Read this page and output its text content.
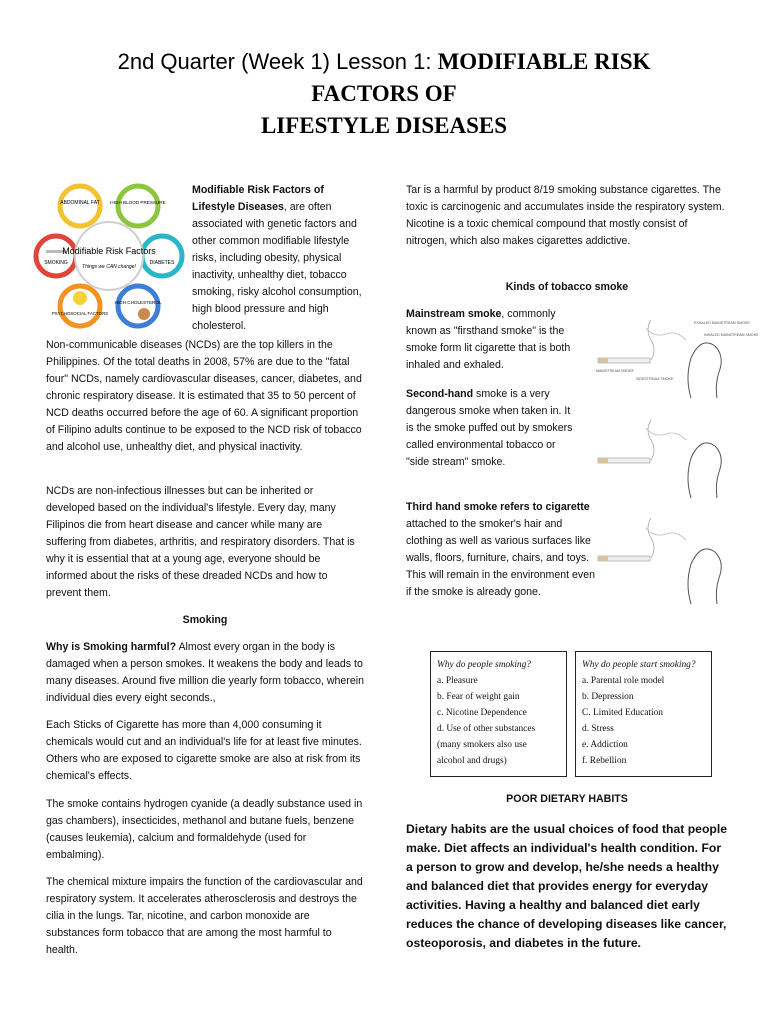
2nd Quarter (Week 1) Lesson 1: MODIFIABLE RISK
FACTORS OF
LIFESTYLE DISEASES
ABDOMINAL FAT HIGH BLOOD PRESSURE
DIABETES
HIGH CHOLESTEROL
PSYCHOSOCIAL FACTORS
SMOKING
Modifiable Risk Factors
Things we CAN change!

Modifiable Risk Factors of Lifestyle Diseases, are often associated with genetic factors and other common modifiable lifestyle risks, including obesity, physical inactivity, unhealthy diet, tobacco smoking, risky alcohol consumption, high blood pressure and high cholesterol.

Non-communicable diseases (NCDs) are the top killers in the Philippines. Of the total deaths in 2008, 57% are due to the "fatal four" NCDs, namely cardiovascular diseases, cancer, diabetes, and chronic respiratory disease. It is estimated that 35 to 50 percent of NCD deaths occurred before the age of 60. A significant proportion of Filipino adults continue to be exposed to the NCD risk of tobacco and alcohol use, unhealthy diet, and physical inactivity.

NCDs are non-infectious illnesses but can be inherited or developed based on the individual's lifestyle. Every day, many Filipinos die from heart disease and cancer while many are suffering from diabetes, arthritis, and respiratory disorders. That is why it is essential that at a young age, everyone should be informed about the risks of these dreaded NCDs and how to prevent them.

Smoking

Why is Smoking harmful? Almost every organ in the body is damaged when a person smokes. It weakens the body and leads to many diseases. Around five million die yearly form tobacco, wherein individual dies every eight seconds.,

Each Sticks of Cigarette has more than 4,000 consuming it chemicals would cut and an individual's life for at least five minutes. Others who are exposed to cigarette smoke are also at risk from its chemical's effects.

The smoke contains hydrogen cyanide (a deadly substance used in gas chambers), insecticides, methanol and butane fuels, benzene (causes leukemia), calcium and formaldehyde (used for embalming).

The chemical mixture impairs the function of the cardiovascular and respiratory system. It accelerates atherosclerosis and destroys the cilia in the lungs. Tar, nicotine, and carbon monoxide are substances form tobacco that are among the most harmful to health.

Tar is a harmful by product 8/19 smoking substance cigarettes. The toxic is carcinogenic and accumulates inside the respiratory system. Nicotine is a toxic chemical compound that mostly consist of nitrogen, which also makes cigarettes addictive.

Kinds of tobacco smoke

Mainstream smoke, commonly known as "firsthand smoke" is the smoke form lit cigarette that is both inhaled and exhaled.

Second-hand smoke is a very dangerous smoke when taken in. It is the smoke puffed out by smokers called environmental tobacco or "side stream" smoke.

Third hand smoke refers to cigarette attached to the smoker's hair and clothing as well as various surfaces like walls, floors, furniture, chairs, and toys. This will remain in the environment even if the smoke is already gone.

EXHALED MAINSTREAM SMOKE
INHALED MAINSTREAM SMOKE
MAINSTREAM SMOKE
SIDESTREAM SMOKE
Why do people smoking?
a. Pleasure
b. Fear of weight gain
c. Nicotine Dependence
d. Use of other substances
(many smokers also use
alcohol and drugs)
Why do people start smoking?
a. Parental role model
b. Depression
C. Limited Education
d. Stress
e. Addiction
f. Rebellion

POOR DIETARY HABITS

Dietary habits are the usual choices of food that people make. Diet affects an individual's health condition. For a person to grow and develop, he/she needs a healthy and balanced diet that provides energy for everyday activities. Having a healthy and balanced diet early reduces the chance of developing diseases like cancer, osteoporosis, and diabetes in the future.
